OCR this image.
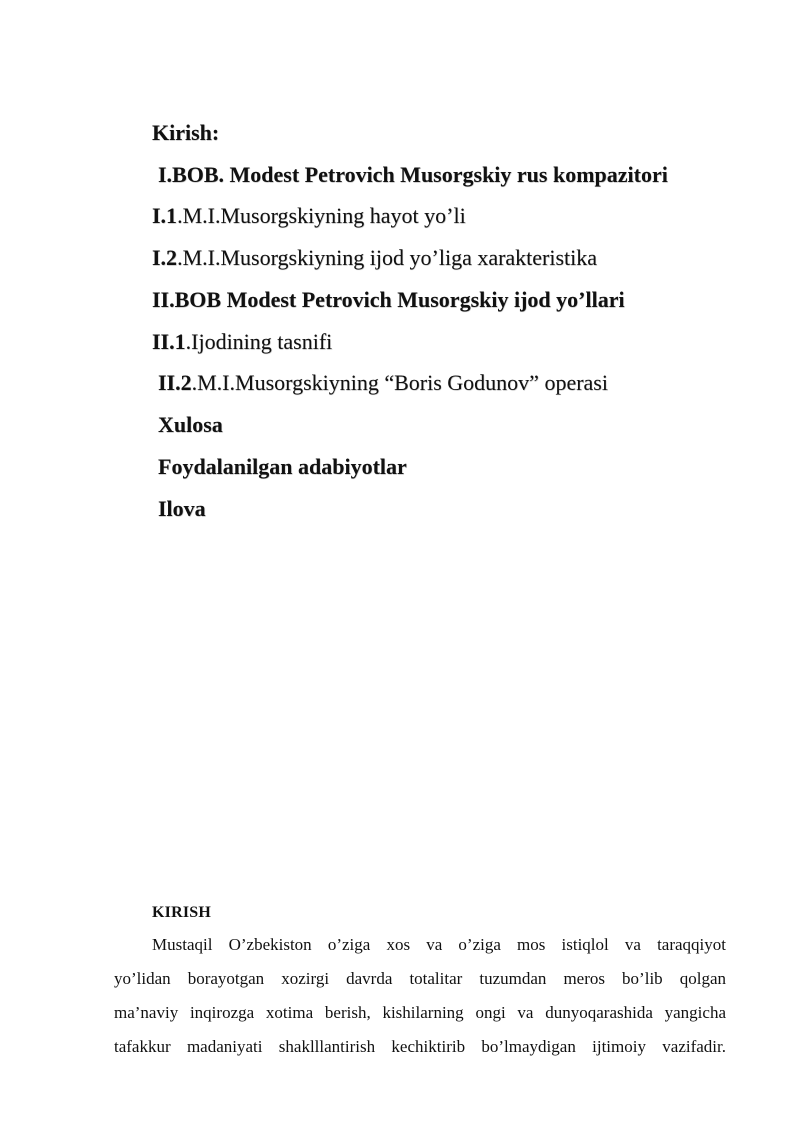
Kirish:
I.BOB. Modest Petrovich Musorgskiy rus kompazitori
I.1.M.I.Musorgskiyning hayot yo’li
I.2.M.I.Musorgskiyning ijod yo’liga xarakteristika
II.BOB Modest Petrovich Musorgskiy ijod yo’llari
II.1.Ijodining tasnifi
II.2.M.I.Musorgskiyning “Boris Godunov” operasi
Xulosa
Foydalanilgan adabiyotlar
Ilova
KIRISH
Mustaqil O’zbekiston o’ziga xos va o’ziga mos istiqlol va taraqqiyot
yo’lidan borayotgan xozirgi davrda totalitar tuzumdan meros bo’lib qolgan
ma’naviy inqirozga xotima berish, kishilarning ongi va dunyoqarashida yangicha
tafakkur madaniyati shaklllantirish kechiktirib bo’lmaydigan ijtimoiy vazifadir.
